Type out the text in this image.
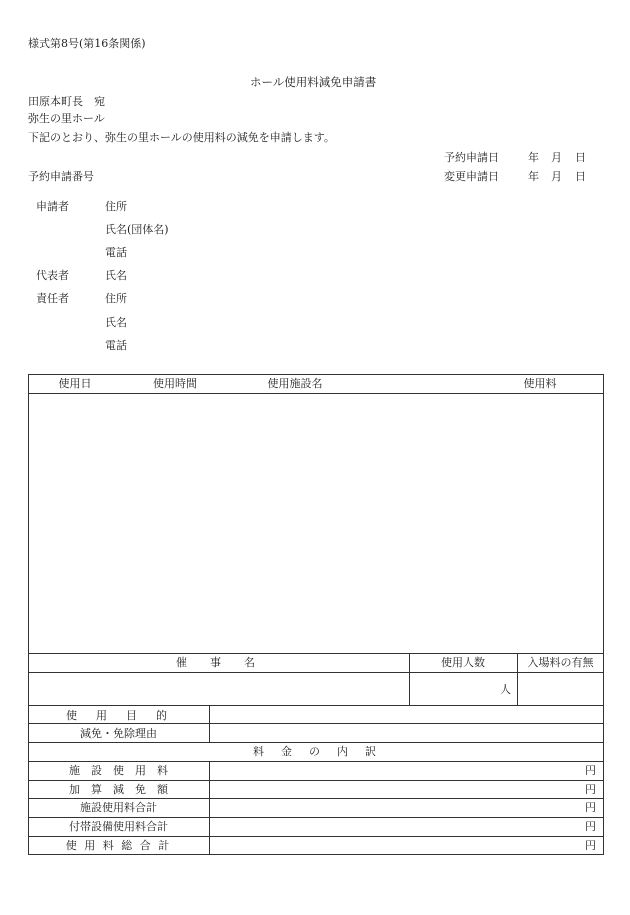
様式第8号(第16条関係)
ホール使用料減免申請書
田原本町長　宛
弥生の里ホール
下記のとおり、弥生の里ホールの使用料の減免を申請します。
予約申請日	年 月 日
予約申請番号	変更申請日	年 月 日
申請者	住所
氏名(団体名)
電話
代表者	氏名
責任者	住所
氏名
電話
使用日	使用時間	使用施設名	使用料
催　事　名	使用人数	入場料の有無
人
使　用　目　的
減免・免除理由
料　金　の　内　訳
施　設　使　用　料	円
加　算　減　免　額	円
施設使用料合計	円
付帯設備使用料合計	円
使 用 料 総 合 計	円
